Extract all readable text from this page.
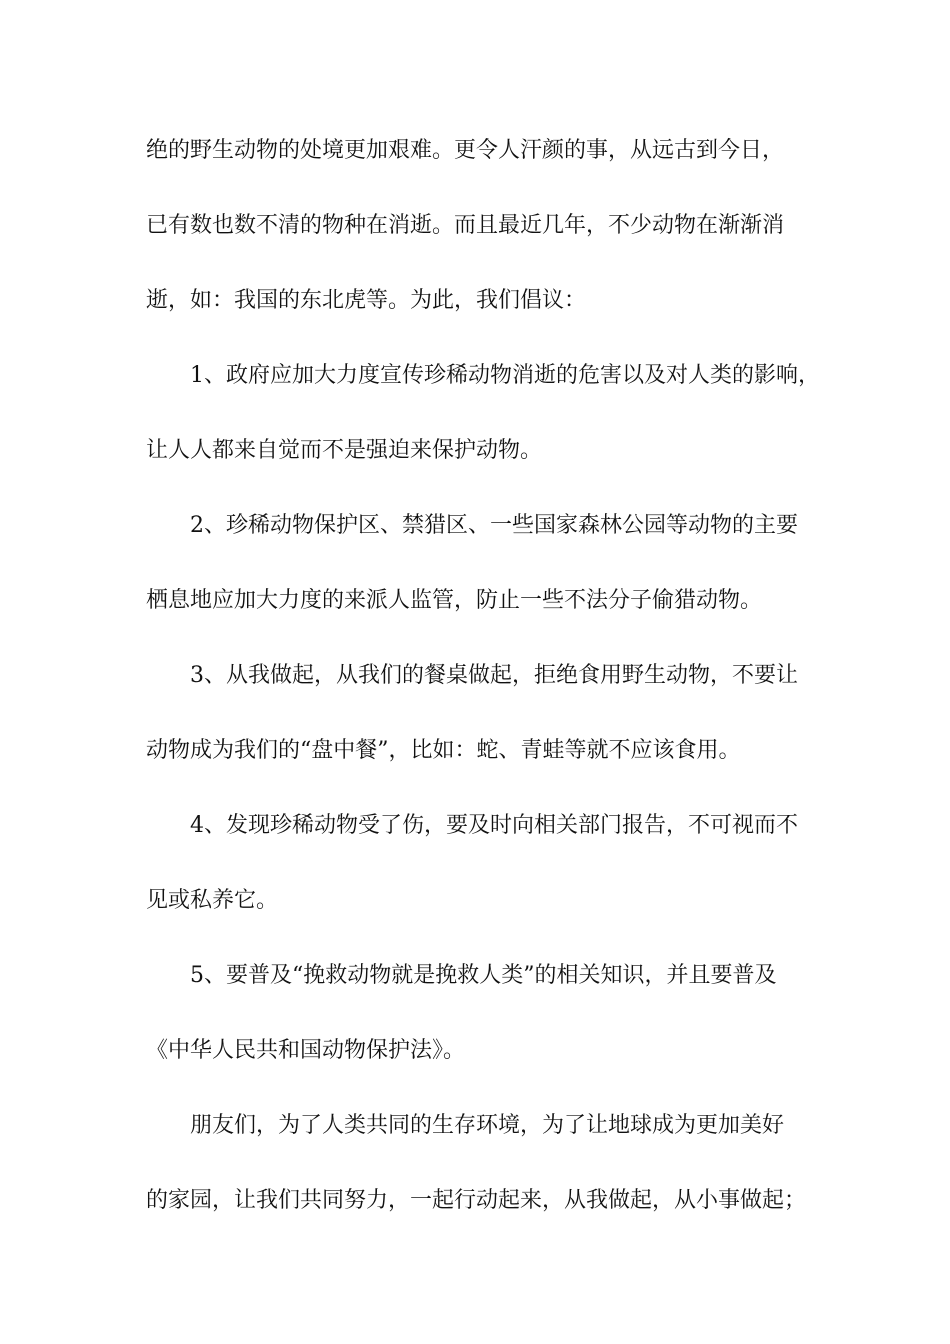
绝的野生动物的处境更加艰难。更令人汗颜的事，从远古到今日，
已有数也数不清的物种在消逝。而且最近几年，不少动物在渐渐消
逝，如：我国的东北虎等。为此，我们倡议：
1、政府应加大力度宣传珍稀动物消逝的危害以及对人类的影响，
让人人都来自觉而不是强迫来保护动物。
2、珍稀动物保护区、禁猎区、一些国家森林公园等动物的主要
栖息地应加大力度的来派人监管，防止一些不法分子偷猎动物。
3、从我做起，从我们的餐桌做起，拒绝食用野生动物，不要让
动物成为我们的“盘中餐”，比如：蛇、青蛙等就不应该食用。
4、发现珍稀动物受了伤，要及时向相关部门报告，不可视而不
见或私养它。
5、要普及“挽救动物就是挽救人类”的相关知识，并且要普及
《中华人民共和国动物保护法》。
朋友们，为了人类共同的生存环境，为了让地球成为更加美好
的家园，让我们共同努力，一起行动起来，从我做起，从小事做起；
